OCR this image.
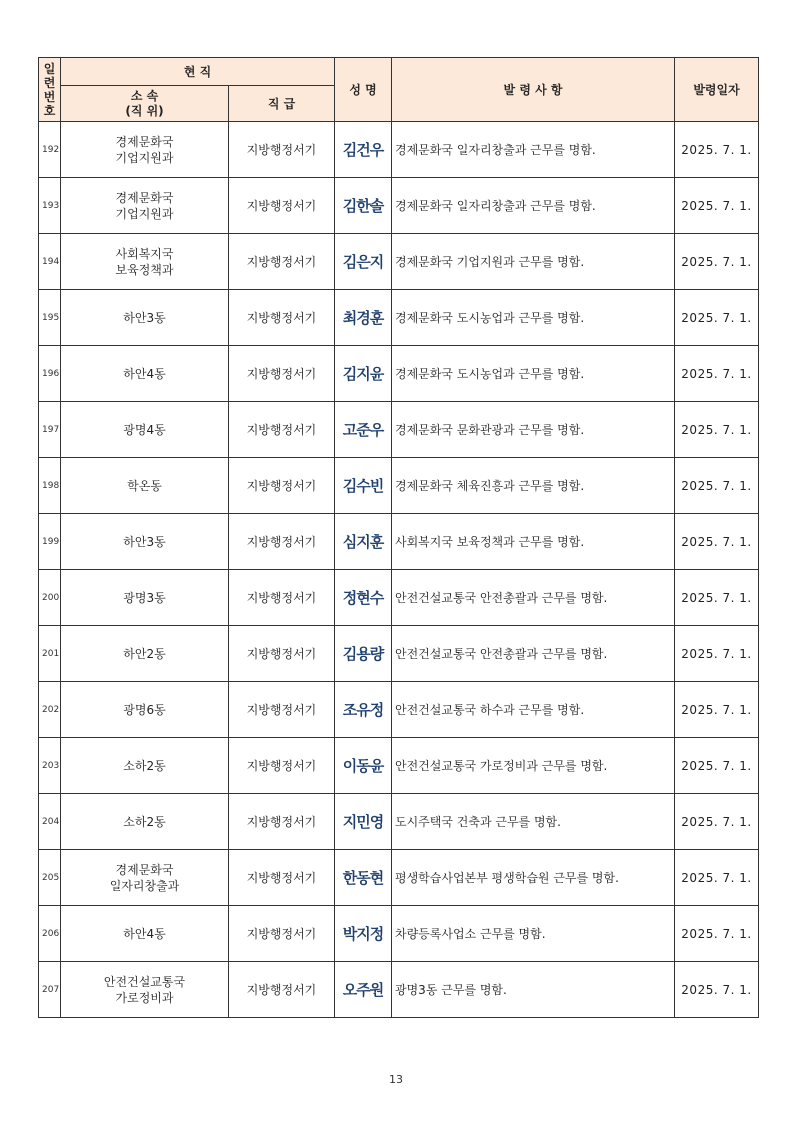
일
련
번
호	현 직		성 명	발 령 사 항	발령일자
	소 속
(직 위)	직 급			
192	경제문화국
기업지원과	지방행정서기	김건우	경제문화국 일자리창출과 근무를 명함.	2025. 7. 1.
193	경제문화국
기업지원과	지방행정서기	김한솔	경제문화국 일자리창출과 근무를 명함.	2025. 7. 1.
194	사회복지국
보육정책과	지방행정서기	김은지	경제문화국 기업지원과 근무를 명함.	2025. 7. 1.
195	하안3동	지방행정서기	최경훈	경제문화국 도시농업과 근무를 명함.	2025. 7. 1.
196	하안4동	지방행정서기	김지윤	경제문화국 도시농업과 근무를 명함.	2025. 7. 1.
197	광명4동	지방행정서기	고준우	경제문화국 문화관광과 근무를 명함.	2025. 7. 1.
198	학온동	지방행정서기	김수빈	경제문화국 체육진흥과 근무를 명함.	2025. 7. 1.
199	하안3동	지방행정서기	심지훈	사회복지국 보육정책과 근무를 명함.	2025. 7. 1.
200	광명3동	지방행정서기	정현수	안전건설교통국 안전총괄과 근무를 명함.	2025. 7. 1.
201	하안2동	지방행정서기	김용량	안전건설교통국 안전총괄과 근무를 명함.	2025. 7. 1.
202	광명6동	지방행정서기	조유정	안전건설교통국 하수과 근무를 명함.	2025. 7. 1.
203	소하2동	지방행정서기	이동윤	안전건설교통국 가로정비과 근무를 명함.	2025. 7. 1.
204	소하2동	지방행정서기	지민영	도시주택국 건축과 근무를 명함.	2025. 7. 1.
205	경제문화국
일자리창출과	지방행정서기	한동현	평생학습사업본부 평생학습원 근무를 명함.	2025. 7. 1.
206	하안4동	지방행정서기	박지정	차량등록사업소 근무를 명함.	2025. 7. 1.
207	안전건설교통국
가로정비과	지방행정서기	오주원	광명3동 근무를 명함.	2025. 7. 1.
13
